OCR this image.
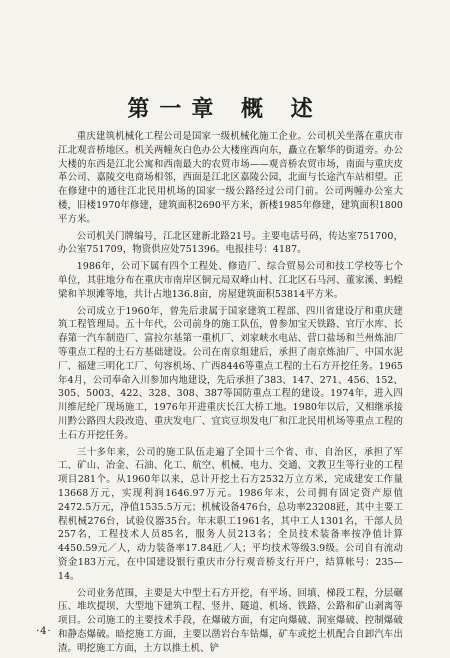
第一章 概 述

重庆建筑机械化工程公司是国家一级机械化施工企业。公司机关坐落在重庆市江北观音桥地区。机关两幢灰白色办公大楼座西向东，矗立在繁华的街道旁。办公大楼的东西是江北公寓和西南最大的农贸市场——观音桥农贸市场，南面与重庆皮革公司、嘉陵交电商场相邻，西面是江北区嘉陵公园，北面与长途汽车站相望。正在修建中的通往江北民用机场的国家一级公路经过公司门前。公司两幢办公室大楼，旧楼1970年修建，建筑面积2690平方米，新楼1985年修建，建筑面积1800平方米。

公司机关门牌编号，江北区建新北路21号。主要电话号码，传达室751700，办公室751709，物资供应处751396。电报挂号：4187。

1986年，公司下属有四个工程处、修造厂、综合贸易公司和技工学校等七个单位，其驻地分布在重庆市南岸区铜元局双峰山村、江北区石马河、董家溪、蚂蝗梁和羊坝滩等地，共计占地136.8亩，房屋建筑面积53814平方米。

公司成立于1960年，曾先后隶属于国家建筑工程部、四川省建设厅和重庆建筑工程管理局。五十年代，公司前身的施工队伍，曾参加宝天铁路、官厅水库、长春第一汽车制造厂、富拉尔基第一重机厂、刘家峡水电站、营口盐场和兰州炼油厂等重点工程的土石方基础建设。公司在南京组建后，承担了南京炼油厂、中国水泥厂、福建三明化工厂、句容机场、广西8446等重点工程的土石方开挖任务。1965年4月，公司奉命入川参加内地建设，先后承担了383、147、271、456、152、305、5003、422、328、308、387等国防重点工程的建设。1974年，进入四川维尼纶厂现场施工，1976年开进重庆长江大桥工地。1980年以后，又相继承接川黔公路四大段改造、重庆发电厂、宜宾豆坝发电厂和江北民用机场等重点工程的土石方开挖任务。

三十多年来，公司的施工队伍走遍了全国十三个省、市、自治区，承担了军工、矿山、冶金、石油、化工、航空、机械、电力、交通、文教卫生等行业的工程项目281个。从1960年以来，总计开挖土石方2532万立方米，完成建安工作量13668万元，实现利润1646.97万元。1986年末，公司拥有固定资产原值2472.5万元，净值1535.5万元；机械设备476台，总功率23208瓩，其中主要工程机械276台，试验仪器35台。年末职工1961名，其中工人1301名，干部人员257名，工程技术人员85名，服务人员213名；全员技术装备率按净值计算4450.59元／人，动力装备率17.84瓩／人；平均技术等级3.9级。公司自有流动资金183万元，在中国建设银行重庆市分行观音桥支行开户，结算帐号：235—14。

公司业务范围，主要是大中型土石方开挖，有平场、回填、梯段工程，分层碾压、堆坎提坝、大型地下建筑工程、竖井、隧道、机场、铁路、公路和矿山剥离等项目。公司施工的主要技术手段，在爆破方面，有定向爆破、洞室爆破、控制爆破和静态爆破。暗挖施工方面，主要以凿岩台车钻爆，矿车或挖土机配合自卸汽车出渣。明挖施工方面，土方以推土机、铲

·4·
